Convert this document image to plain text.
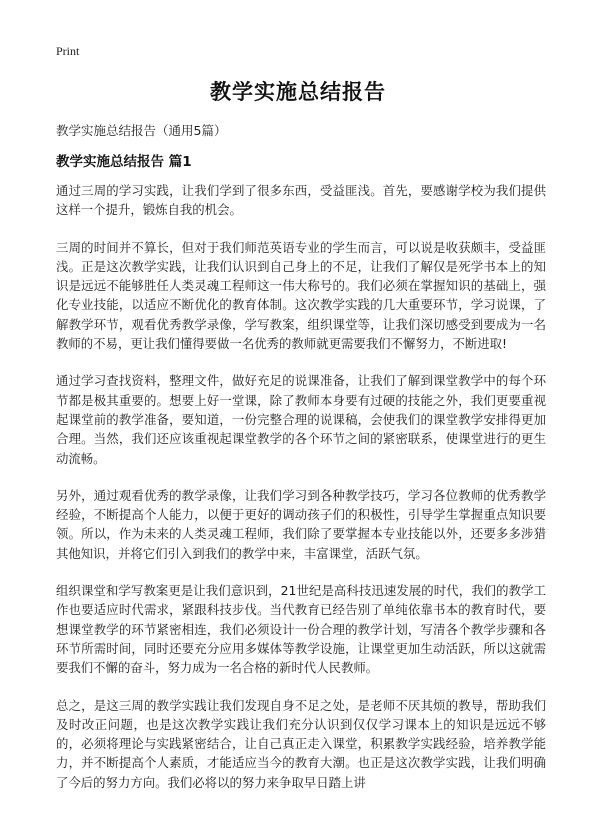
Print
教学实施总结报告

教学实施总结报告（通用5篇）

教学实施总结报告 篇1

通过三周的学习实践，让我们学到了很多东西，受益匪浅。首先，要感谢学校为我们提供这样一个提升，锻炼自我的机会。

三周的时间并不算长，但对于我们师范英语专业的学生而言，可以说是收获颇丰，受益匪浅。正是这次教学实践，让我们认识到自己身上的不足，让我们了解仅是死学书本上的知识是远远不能够胜任人类灵魂工程师这一伟大称号的。我们必须在掌握知识的基础上，强化专业技能，以适应不断优化的教育体制。这次教学实践的几大重要环节，学习说课，了解教学环节，观看优秀教学录像，学写教案，组织课堂等，让我们深切感受到要成为一名教师的不易，更让我们懂得要做一名优秀的教师就更需要我们不懈努力，不断进取!

通过学习查找资料，整理文件，做好充足的说课准备，让我们了解到课堂教学中的每个环节都是极其重要的。想要上好一堂课，除了教师本身要有过硬的技能之外，我们更要重视起课堂前的教学准备，要知道，一份完整合理的说课稿，会使我们的课堂教学安排得更加合理。当然，我们还应该重视起课堂教学的各个环节之间的紧密联系，使课堂进行的更生动流畅。

另外，通过观看优秀的教学录像，让我们学习到各种教学技巧，学习各位教师的优秀教学经验，不断提高个人能力，以便于更好的调动孩子们的积极性，引导学生掌握重点知识要领。所以，作为未来的人类灵魂工程师，我们除了要掌握本专业技能以外，还要多多涉猎其他知识，并将它们引入到我们的教学中来，丰富课堂，活跃气氛。

组织课堂和学写教案更是让我们意识到，21世纪是高科技迅速发展的时代，我们的教学工作也要适应时代需求，紧跟科技步伐。当代教育已经告别了单纯依靠书本的教育时代，要想课堂教学的环节紧密相连，我们必须设计一份合理的教学计划，写清各个教学步骤和各环节所需时间，同时还要充分应用多媒体等教学设施，让课堂更加生动活跃，所以这就需要我们不懈的奋斗，努力成为一名合格的新时代人民教师。

总之，是这三周的教学实践让我们发现自身不足之处，是老师不厌其烦的教导，帮助我们及时改正问题，也是这次教学实践让我们充分认识到仅仅学习课本上的知识是远远不够的，必须将理论与实践紧密结合，让自己真正走入课堂，积累教学实践经验，培养教学能力，并不断提高个人素质，才能适应当今的教育大潮。也正是这次教学实践，让我们明确了今后的努力方向。我们必将以的努力来争取早日踏上讲
